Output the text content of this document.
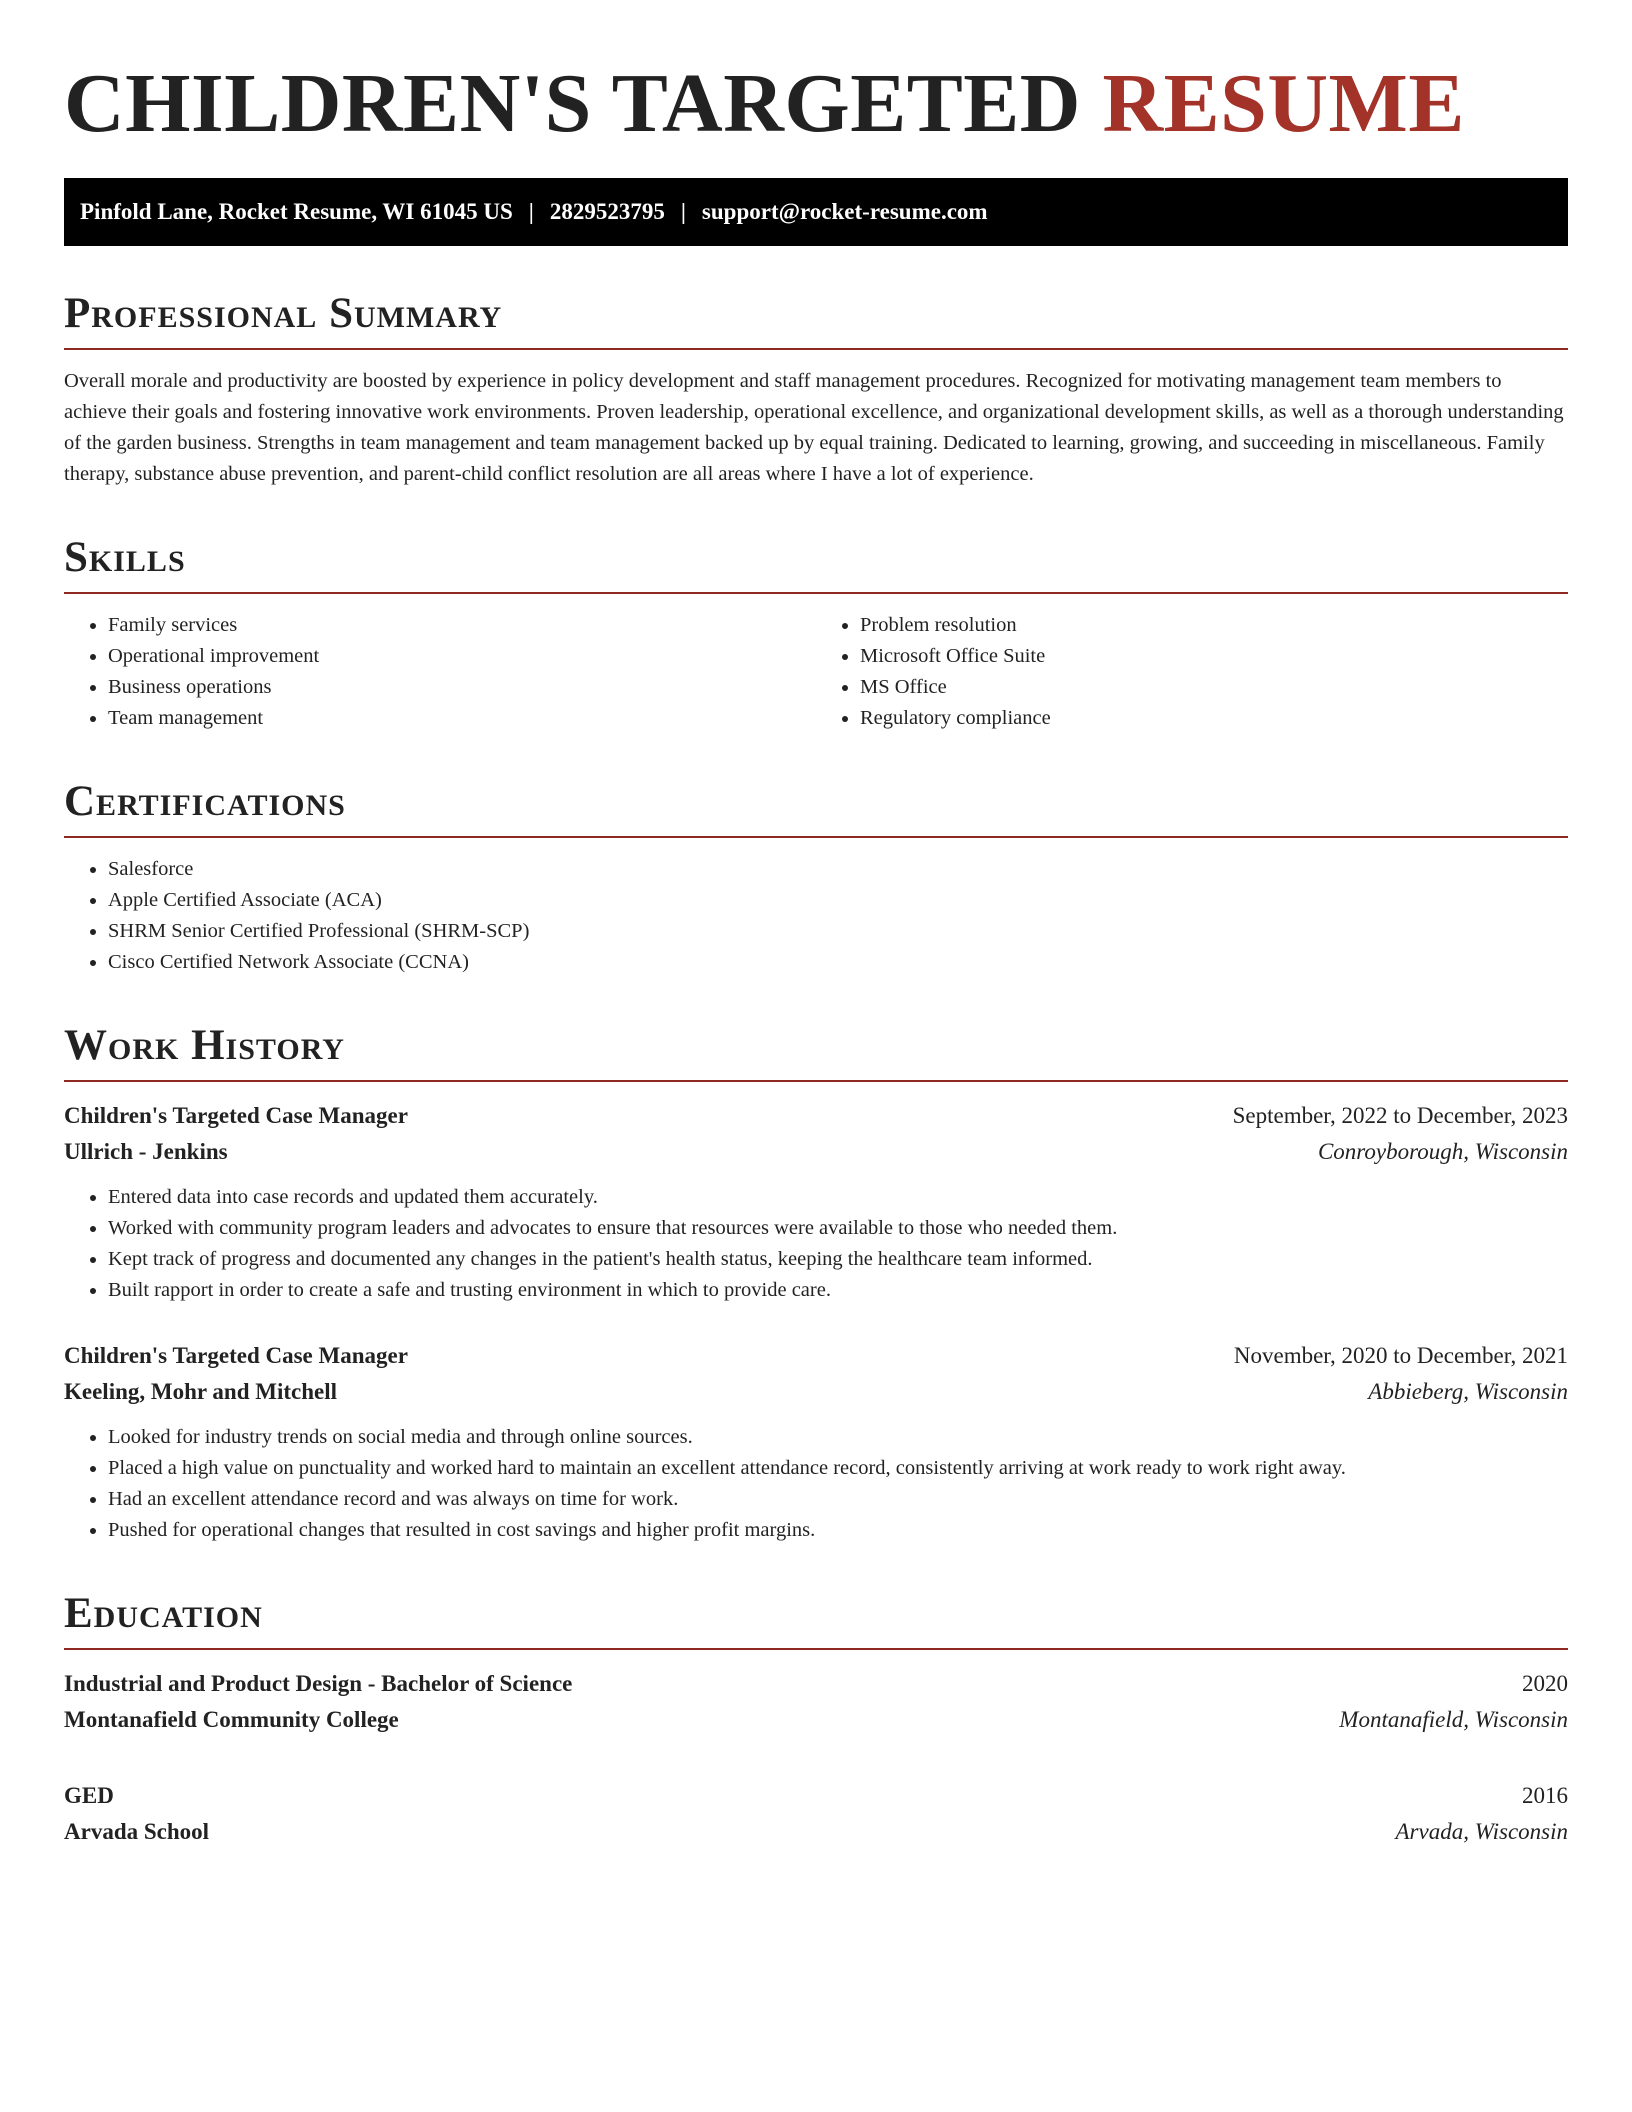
CHILDREN'S TARGETED RESUME
Pinfold Lane, Rocket Resume, WI 61045 US | 2829523795 | support@rocket-resume.com
Professional Summary

Overall morale and productivity are boosted by experience in policy development and staff management procedures. Recognized for motivating management team members to achieve their goals and fostering innovative work environments. Proven leadership, operational excellence, and organizational development skills, as well as a thorough understanding of the garden business. Strengths in team management and team management backed up by equal training. Dedicated to learning, growing, and succeeding in miscellaneous. Family therapy, substance abuse prevention, and parent-child conflict resolution are all areas where I have a lot of experience.

Skills
• Family services
• Operational improvement
• Business operations
• Team management
• Problem resolution
• Microsoft Office Suite
• MS Office
• Regulatory compliance
Certifications
• Salesforce
• Apple Certified Associate (ACA)
• SHRM Senior Certified Professional (SHRM-SCP)
• Cisco Certified Network Associate (CCNA)
Work History
Children's Targeted Case Manager	September, 2022 to December, 2023
Ullrich - Jenkins	Conroyborough, Wisconsin
• Entered data into case records and updated them accurately.
• Worked with community program leaders and advocates to ensure that resources were available to those who needed them.
• Kept track of progress and documented any changes in the patient's health status, keeping the healthcare team informed.
• Built rapport in order to create a safe and trusting environment in which to provide care.
Children's Targeted Case Manager	November, 2020 to December, 2021
Keeling, Mohr and Mitchell	Abbieberg, Wisconsin
• Looked for industry trends on social media and through online sources.
• Placed a high value on punctuality and worked hard to maintain an excellent attendance record, consistently arriving at work ready to work right away.
• Had an excellent attendance record and was always on time for work.
• Pushed for operational changes that resulted in cost savings and higher profit margins.
Education
Industrial and Product Design - Bachelor of Science	2020
Montanafield Community College	Montanafield, Wisconsin
GED	2016
Arvada School	Arvada, Wisconsin
